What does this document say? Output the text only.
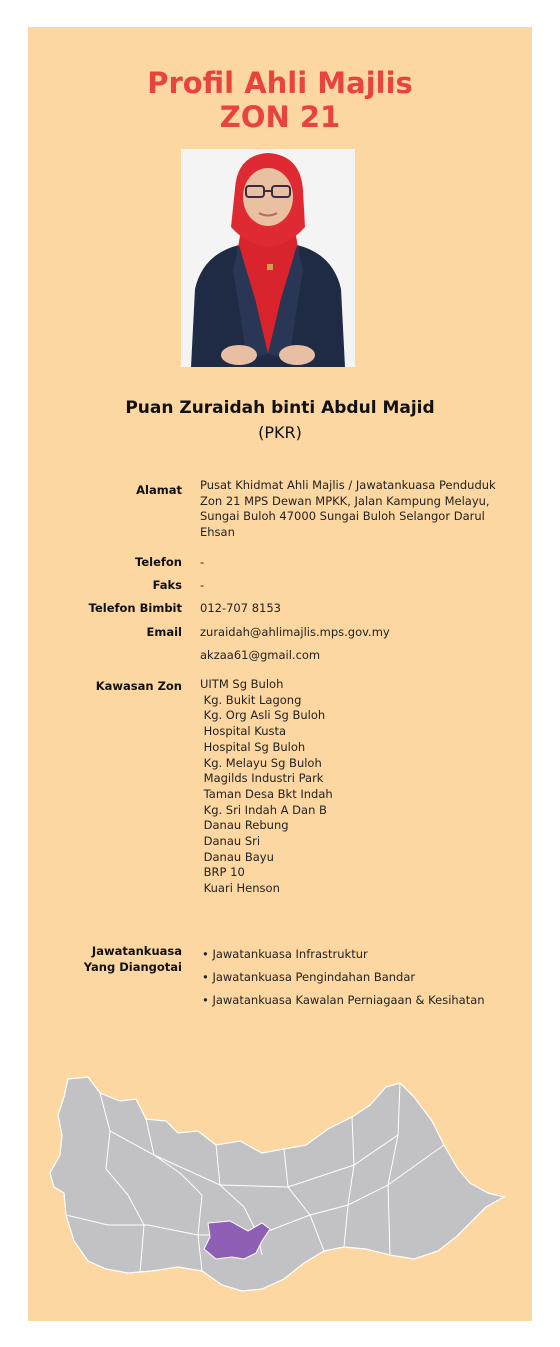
Profil Ahli Majlis
ZON 21
Puan Zuraidah binti Abdul Majid
(PKR)
Alamat Pusat Khidmat Ahli Majlis / Jawatankuasa Penduduk Zon 21 MPS Dewan MPKK, Jalan Kampung Melayu, Sungai Buloh 47000 Sungai Buloh Selangor Darul Ehsan
Telefon -
Faks -
Telefon Bimbit 012-707 8153
Email zuraidah@ahlimajlis.mps.gov.my
akzaa61@gmail.com
Kawasan Zon UITM Sg Buloh
Kg. Bukit Lagong
Kg. Org Asli Sg Buloh
Hospital Kusta
Hospital Sg Buloh
Kg. Melayu Sg Buloh
Magilds Industri Park
Taman Desa Bkt Indah
Kg. Sri Indah A Dan B
Danau Rebung
Danau Sri
Danau Bayu
BRP 10
Kuari Henson
Jawatankuasa
Yang Diangotai
• Jawatankuasa Infrastruktur
• Jawatankuasa Pengindahan Bandar
• Jawatankuasa Kawalan Perniagaan & Kesihatan
